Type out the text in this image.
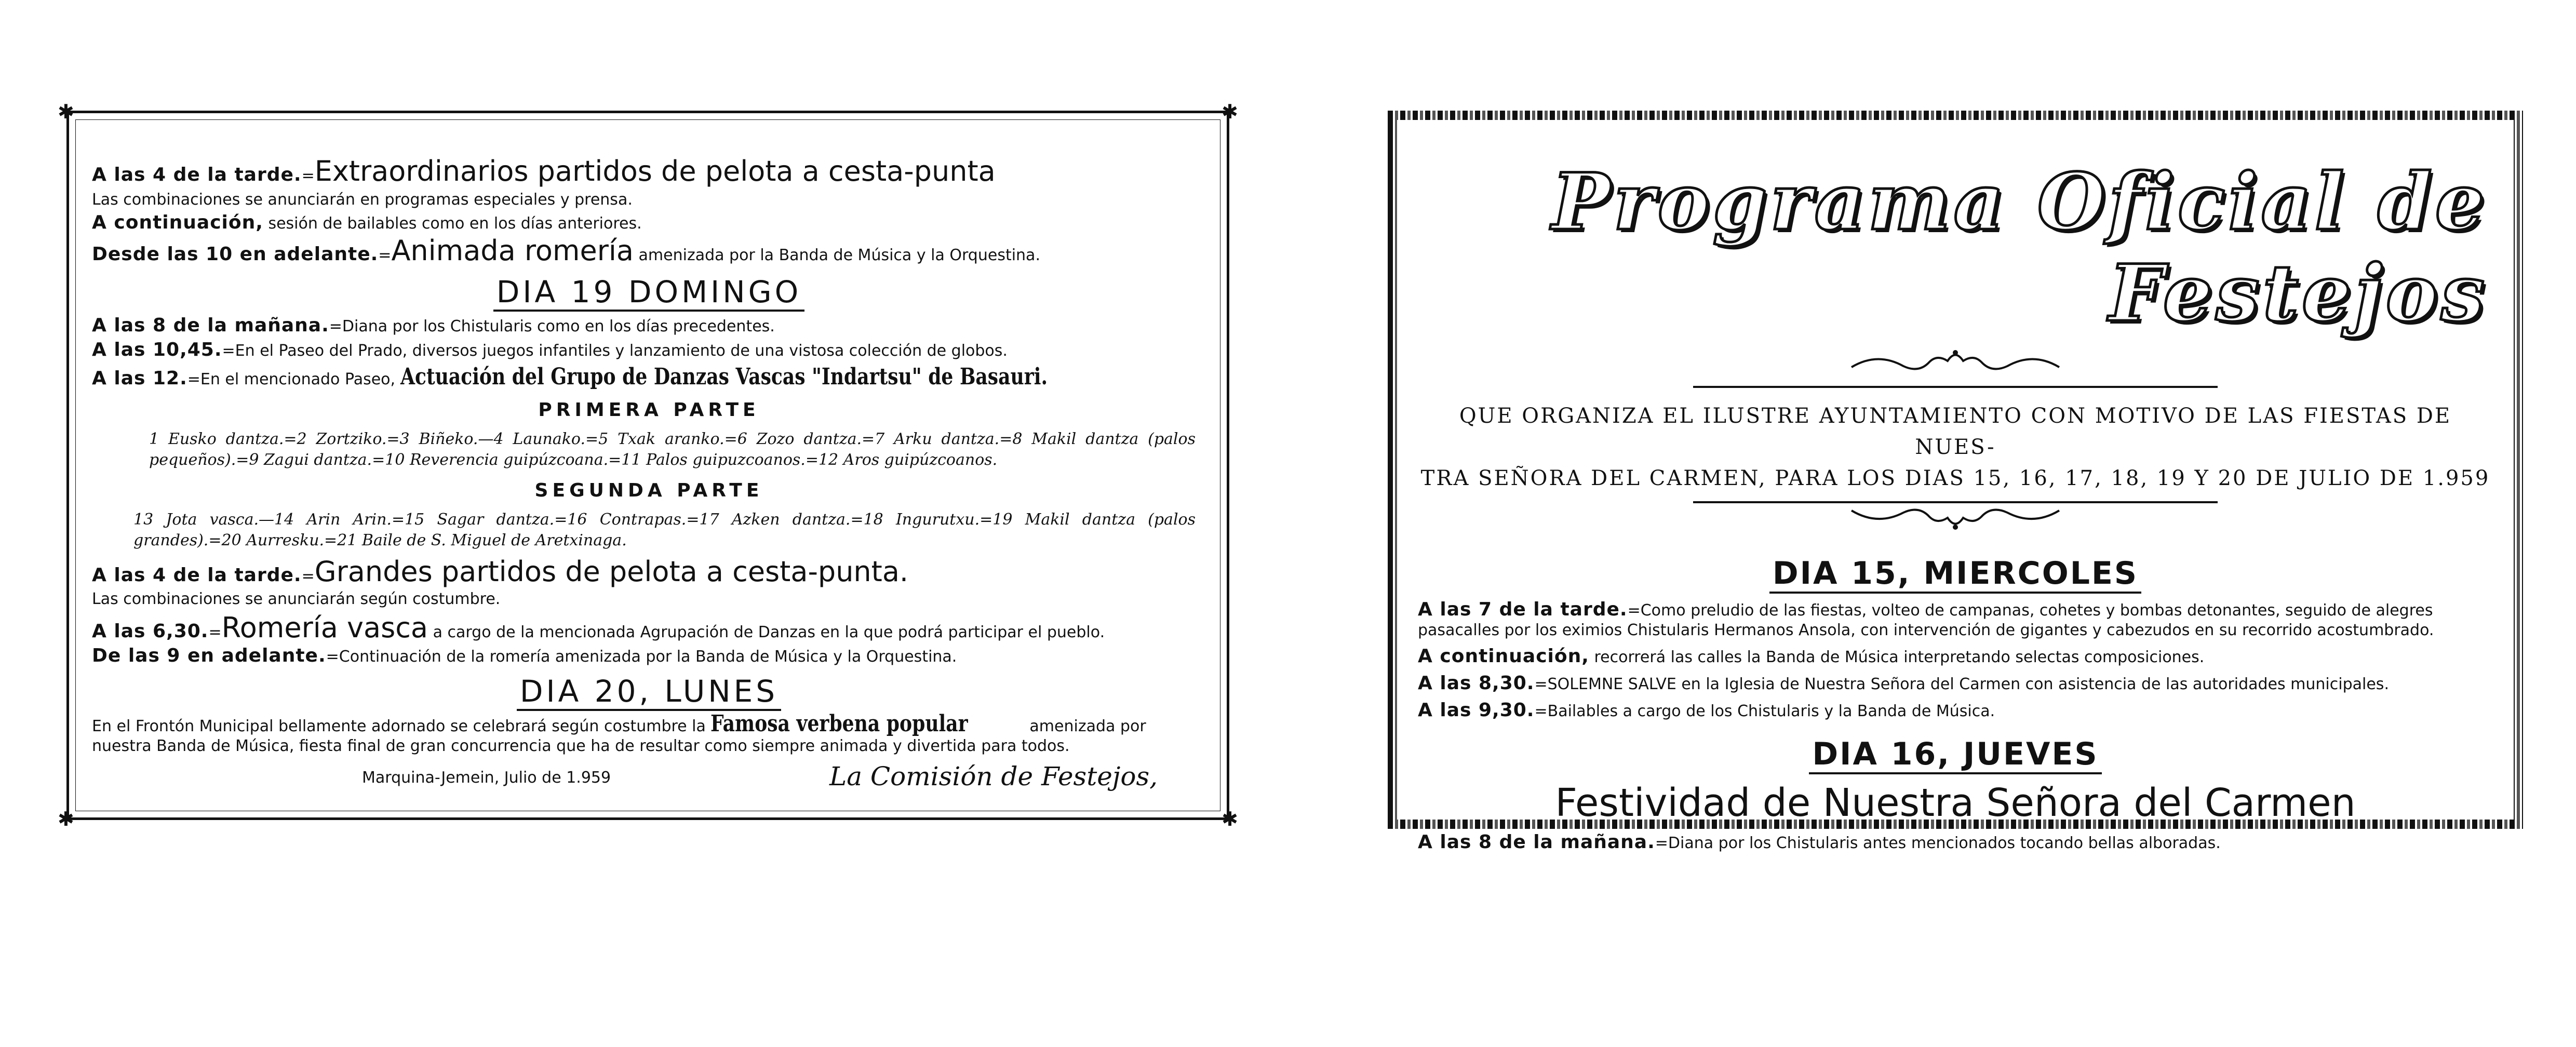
✱	✱
✱	✱

A las 4 de la tarde.=Extraordinarios partidos de pelota a cesta-punta

Las combinaciones se anunciarán en programas especiales y prensa.

A continuación, sesión de bailables como en los días anteriores.

Desde las 10 en adelante.=Animada romería amenizada por la Banda de Música y la Orquestina.

DIA 19 DOMINGO

A las 8 de la mañana.=Diana por los Chistularis como en los días precedentes.

A las 10,45.=En el Paseo del Prado, diversos juegos infantiles y lanzamiento de una vistosa colección de globos.

A las 12.=En el mencionado Paseo, Actuación del Grupo de Danzas Vascas "Indartsu" de Basauri.

PRIMERA PARTE

1 Eusko dantza.=2 Zortziko.=3 Biñeko.—4 Launako.=5 Txak aranko.=6 Zozo dantza.=7 Arku dantza.=8 Makil dantza (palos pequeños).=9 Zagui dantza.=10 Reverencia guipúzcoana.=11 Palos guipuzcoanos.=12 Aros guipúzcoanos.

SEGUNDA PARTE

13 Jota vasca.—14 Arin Arin.=15 Sagar dantza.=16 Contrapas.=17 Azken dantza.=18 Ingurutxu.=19 Makil dantza (palos grandes).=20 Aurresku.=21 Baile de S. Miguel de Aretxinaga.

A las 4 de la tarde.=Grandes partidos de pelota a cesta-punta.

Las combinaciones se anunciarán según costumbre.

A las 6,30.=Romería vasca a cargo de la mencionada Agrupación de Danzas en la que podrá participar el pueblo.

De las 9 en adelante.=Continuación de la romería amenizada por la Banda de Música y la Orquestina.

DIA 20, LUNES

En el Frontón Municipal bellamente adornado se celebrará según costumbre la Famosa verbena popular	amenizada por nuestra Banda de Música, fiesta final de gran concurrencia que ha de resultar como siempre animada y divertida para todos.

Marquina-Jemein, Julio de 1.959	La Comisión de Festejos,
Programa Oficial de Festejos
QUE ORGANIZA EL ILUSTRE AYUNTAMIENTO CON MOTIVO DE LAS FIESTAS DE NUES-
TRA SEÑORA DEL CARMEN, PARA LOS DIAS 15, 16, 17, 18, 19 Y 20 DE JULIO DE 1.959
DIA 15, MIERCOLES

A las 7 de la tarde.=Como preludio de las fiestas, volteo de campanas, cohetes y bombas detonantes, seguido de alegres pasacalles por los eximios Chistularis Hermanos Ansola, con intervención de gigantes y cabezudos en su recorrido acostumbrado.

A continuación, recorrerá las calles la Banda de Música interpretando selectas composiciones.

A las 8,30.=SOLEMNE SALVE en la Iglesia de Nuestra Señora del Carmen con asistencia de las autoridades municipales.

A las 9,30.=Bailables a cargo de los Chistularis y la Banda de Música.

DIA 16, JUEVES
Festividad de Nuestra Señora del Carmen

A las 8 de la mañana.=Diana por los Chistularis antes mencionados tocando bellas alboradas.
